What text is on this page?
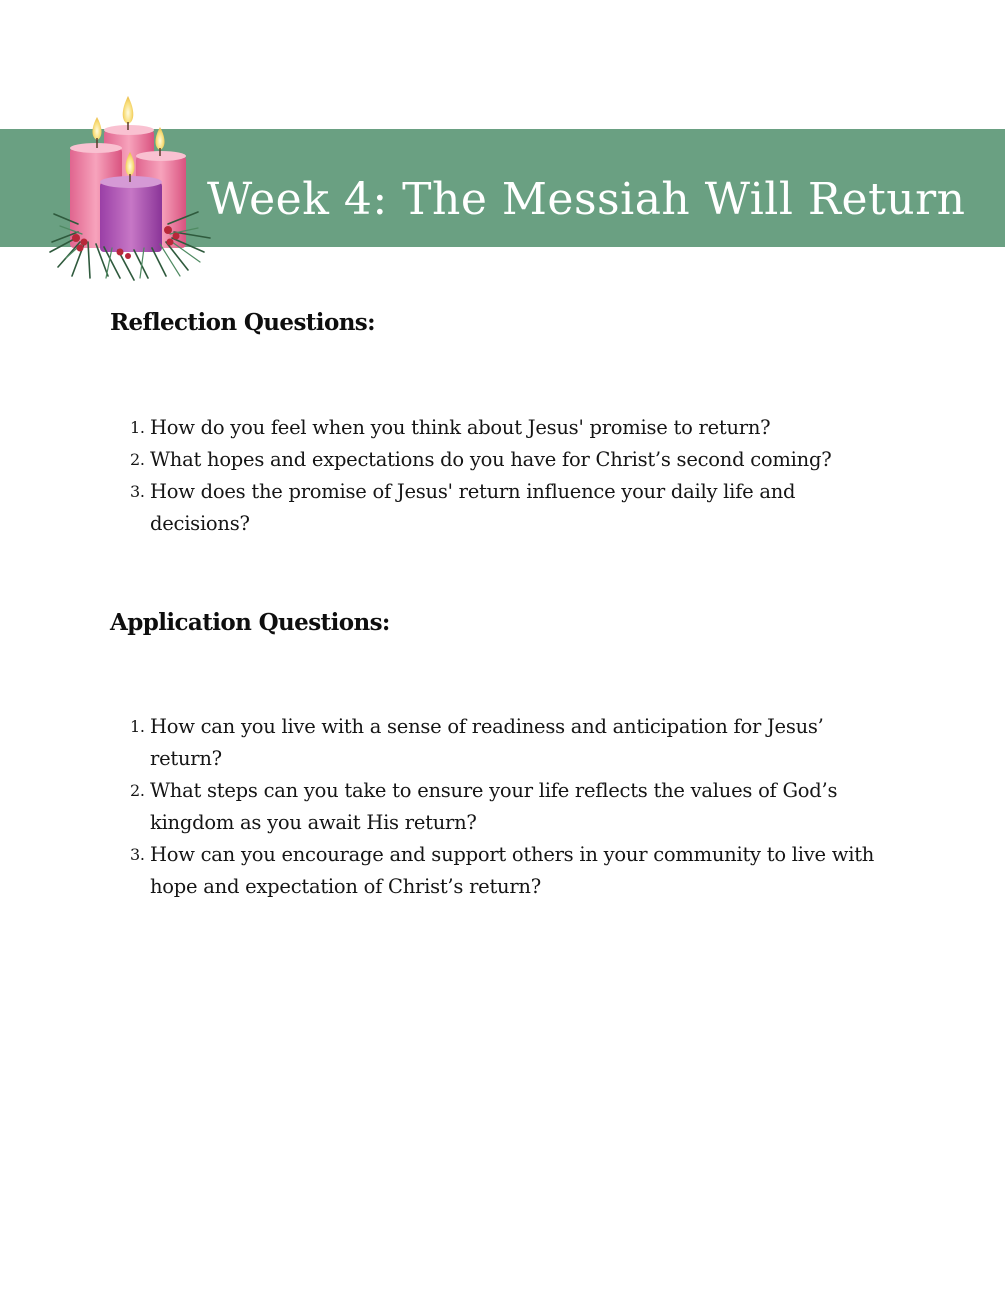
Week 4: The Messiah Will Return
Reflection Questions:
1. How do you feel when you think about Jesus' promise to return?
2. What hopes and expectations do you have for Christ’s second coming?
3. How does the promise of Jesus' return influence your daily life and decisions?
Application Questions:
1. How can you live with a sense of readiness and anticipation for Jesus’ return?
2. What steps can you take to ensure your life reflects the values of God’s kingdom as you await His return?
3. How can you encourage and support others in your community to live with hope and expectation of Christ’s return?
